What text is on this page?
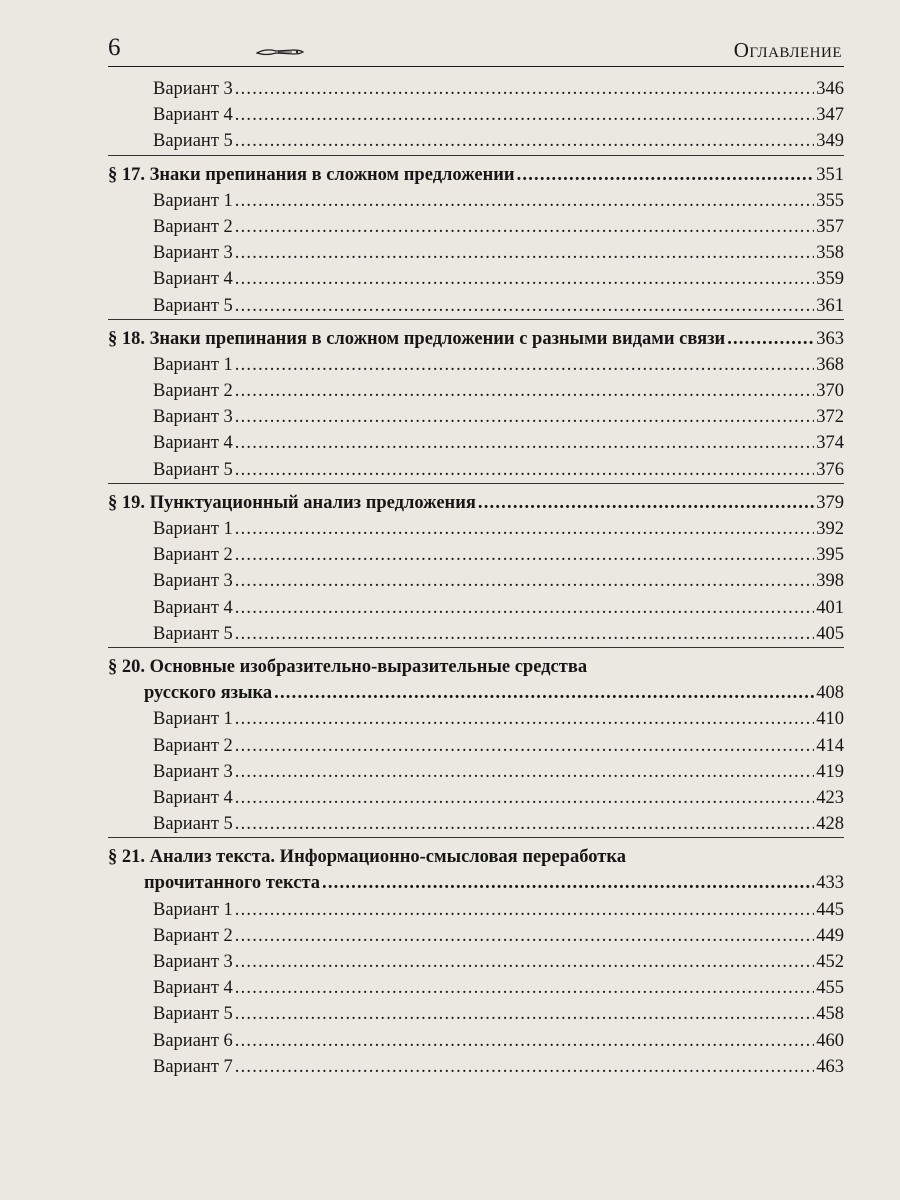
6	Оглавление
Вариант 3 .....	346
Вариант 4 .....	347
Вариант 5 .....	349
§ 17. Знаки препинания в сложном предложении .....	351
Вариант 1 .....	355
Вариант 2 .....	357
Вариант 3 .....	358
Вариант 4 .....	359
Вариант 5 .....	361
§ 18. Знаки препинания в сложном предложении с разными видами связи .....	363
Вариант 1 .....	368
Вариант 2 .....	370
Вариант 3 .....	372
Вариант 4 .....	374
Вариант 5 .....	376
§ 19. Пунктуационный анализ предложения .....	379
Вариант 1 .....	392
Вариант 2 .....	395
Вариант 3 .....	398
Вариант 4 .....	401
Вариант 5 .....	405
§ 20. Основные изобразительно-выразительные средства
русского языка .....	408
Вариант 1 .....	410
Вариант 2 .....	414
Вариант 3 .....	419
Вариант 4 .....	423
Вариант 5 .....	428
§ 21. Анализ текста. Информационно-смысловая переработка
прочитанного текста .....	433
Вариант 1 .....	445
Вариант 2 .....	449
Вариант 3 .....	452
Вариант 4 .....	455
Вариант 5 .....	458
Вариант 6 .....	460
Вариант 7 .....	463
